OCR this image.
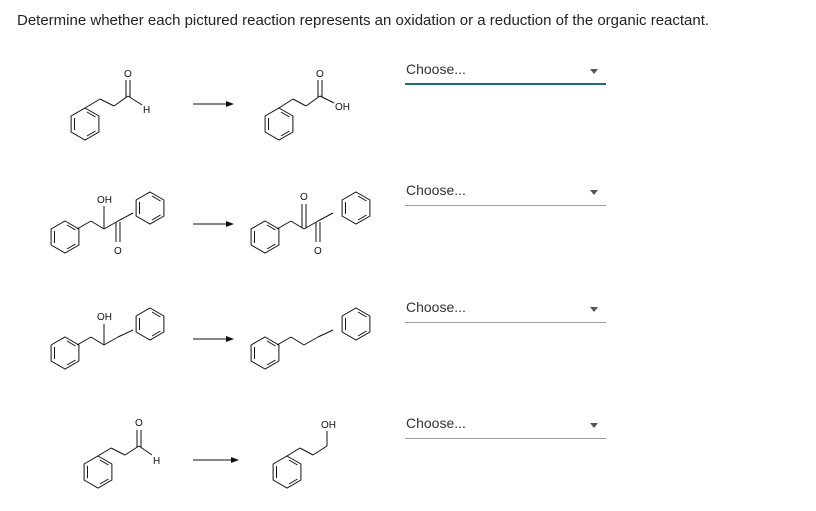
Determine whether each pictured reaction represents an oxidation or a reduction of the organic reactant.
O
H
O
OH
OH
O
O
O
OH
O
H
OH
Choose...
Choose...
Choose...
Choose...
